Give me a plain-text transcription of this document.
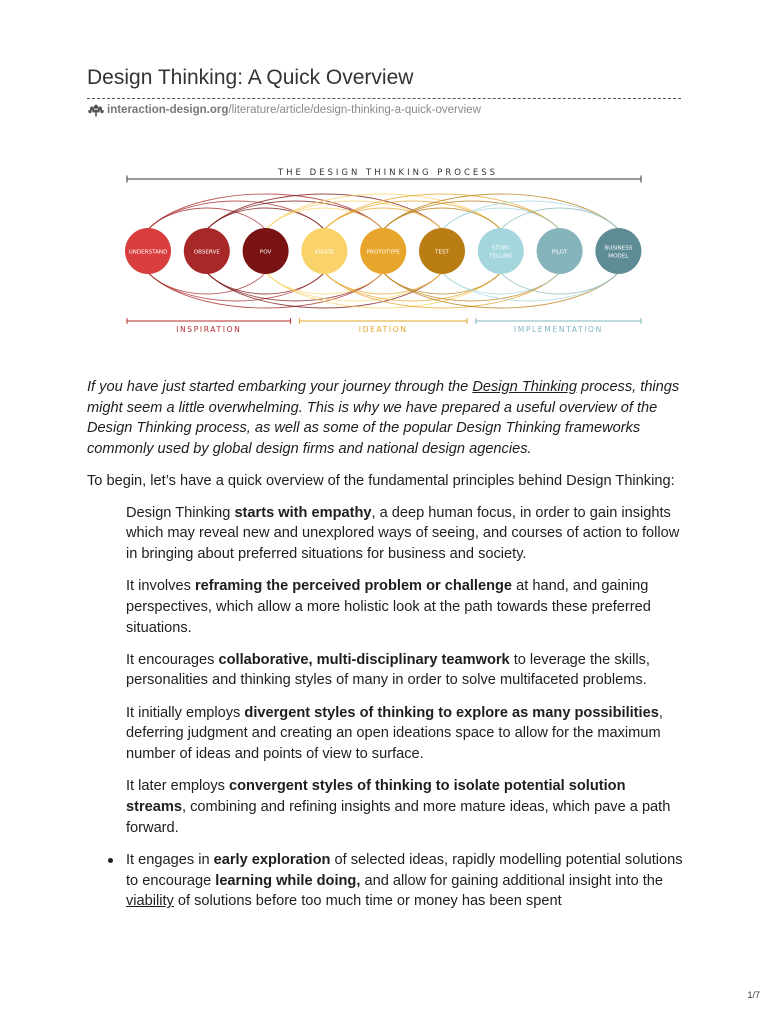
Design Thinking: A Quick Overview
interaction-design.org /literature/article/design-thinking-a-quick-overview
THE DESIGN THINKING PROCESS
UNDERSTAND	OBSERVE	POV	IDEATE	PROTOTYPE	TEST
STORY
TELLING
PILOT
BUSINESS
MODEL
INSPIRATION	IDEATION	IMPLEMENTATION

If you have just started embarking your journey through the Design Thinking process, things might seem a little overwhelming. This is why we have prepared a useful overview of the Design Thinking process, as well as some of the popular Design Thinking frameworks commonly used by global design firms and national design agencies.

To begin, let’s have a quick overview of the fundamental principles behind Design Thinking:

Design Thinking starts with empathy, a deep human focus, in order to gain insights which may reveal new and unexplored ways of seeing, and courses of action to follow in bringing about preferred situations for business and society.
It involves reframing the perceived problem or challenge at hand, and gaining perspectives, which allow a more holistic look at the path towards these preferred situations.
It encourages collaborative, multi-disciplinary teamwork to leverage the skills, personalities and thinking styles of many in order to solve multifaceted problems.
It initially employs divergent styles of thinking to explore as many possibilities, deferring judgment and creating an open ideations space to allow for the maximum number of ideas and points of view to surface.
It later employs convergent styles of thinking to isolate potential solution streams, combining and refining insights and more mature ideas, which pave a path forward.
It engages in early exploration of selected ideas, rapidly modelling potential solutions to encourage learning while doing, and allow for gaining additional insight into the viability of solutions before too much time or money has been spent
1/7
